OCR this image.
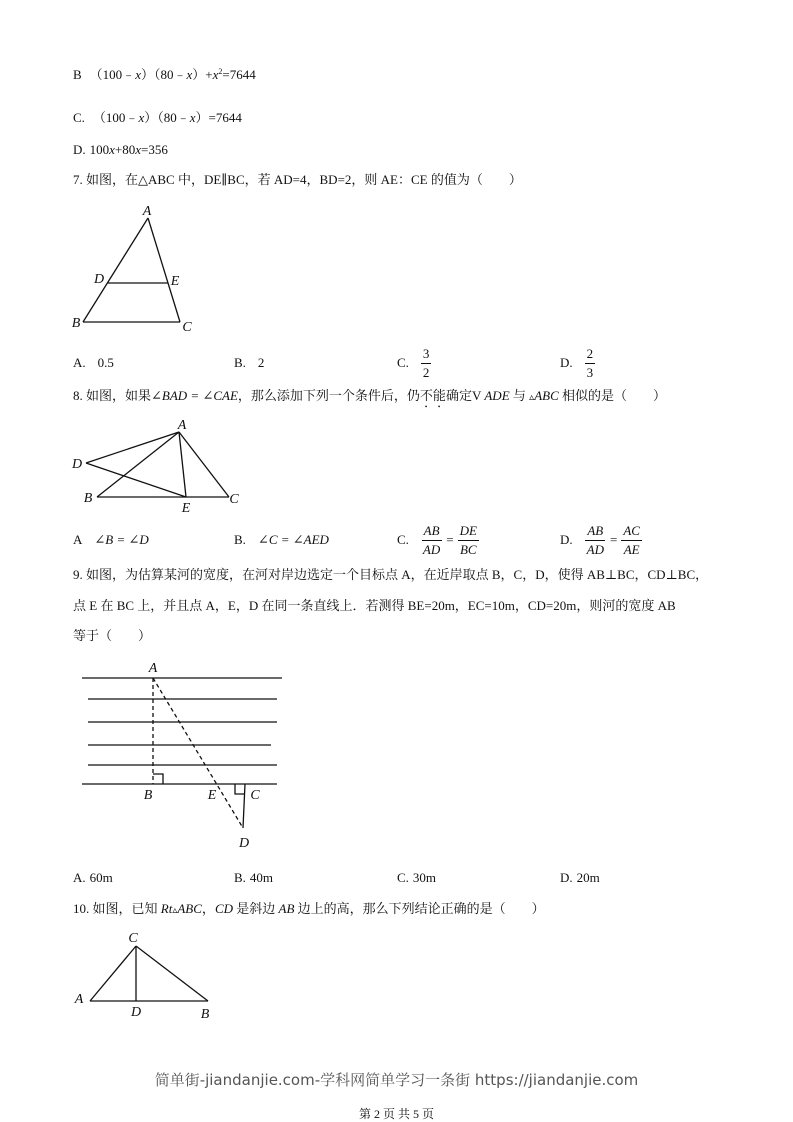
B $(100﹣x)(80﹣x)+x^2=7644$
C. （100﹣x）（80﹣x）=7644
D. 100x+80x=356
7. 如图，在△ABC 中，DE∥BC，若 AD=4，BD=2，则 AE：CE 的值为（　　）
A
D	E
B	C
A. 0.5	B. 2	C. $\frac{3}{2}$	D. $\frac{2}{3}$
8. 如图，如果∠BAD = ∠CAE，那么添加下列一个条件后，仍不能确定V ADE 与 ▵ABC 相似的是（　　）
A
D
B
E
C
A ∠B = ∠D	B. ∠C = ∠AED	C. $\frac{AB}{AD} = \frac{DE}{BC}$	D. $\frac{AB}{AD} = \frac{AC}{AE}$
9. 如图，为估算某河的宽度，在河对岸边选定一个目标点 A，在近岸取点 B，C，D，使得 AB⊥BC，CD⊥BC，
点 E 在 BC 上，并且点 A，E，D 在同一条直线上．若测得 BE=20m，EC=10m，CD=20m，则河的宽度 AB
等于（　　）
A
B	E C
D
A. 60m	B. 40m	C. 30m	D. 20m
10. 如图，已知 Rt▵ABC，CD 是斜边 AB 边上的高，那么下列结论正确的是（　　）
C
A
D	B
简单街-jiandanjie.com-学科网简单学习一条街 https://jiandanjie.com
第 2 页 共 5 页
